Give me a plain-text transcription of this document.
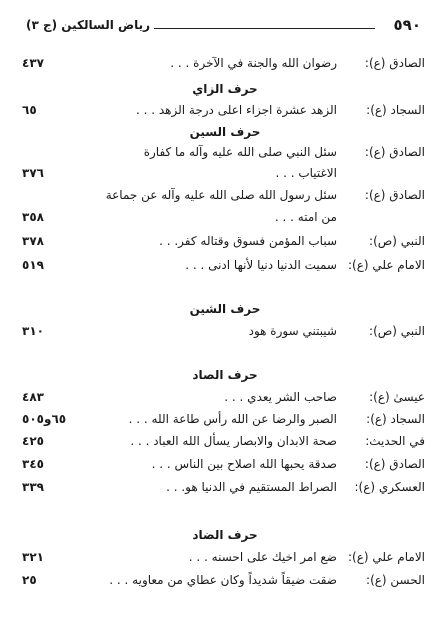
٥٩٠
رياض السالكين (ج ٣)
الصادق (ع):
رضوان الله والجنة في الآخرة . . .
٤٣٧
حرف الزاي
السجاد (ع):
الزهد عشرة اجزاء اعلى درجة الزهد . . .
٦٥
حرف السين
الصادق (ع):
سئل النبي صلى الله عليه وآله ما كفارة
الاغتياب . . .
٣٧٦
الصادق (ع):
سئل رسول الله صلى الله عليه وآله عن جماعة
من امته . . .
٣٥٨
النبي (ص):
سباب المؤمن فسوق وقتاله كفر. . .
٣٧٨
الامام علي (ع):
سميت الدنيا دنيا لأنها ادنى . . .
٥١٩
حرف الشين
النبي (ص):
شيبتني سورة هود
٣١٠
حرف الصاد
عيسىٰ (ع):
صاحب الشر يعدي . . .
٤٨٣
السجاد (ع):
الصبر والرضا عن الله رأس طاعة الله . . .
٦٥و٥٠٥
في الحديث:
صحة الابدان والابصار يسأل الله العباد . . .
٤٢٥
الصادق (ع):
صدقة يحبها الله اصلاح بين الناس . . .
٣٤٥
العسكري (ع):
الصراط المستقيم في الدنيا هو. . .
٣٣٩
حرف الضاد
الامام علي (ع):
ضع امر اخيك على احسنه . . .
٣٢١
الحسن (ع):
ضقت ضيقاً شديداً وكان عطاي من معاويه . . .
٢٥
